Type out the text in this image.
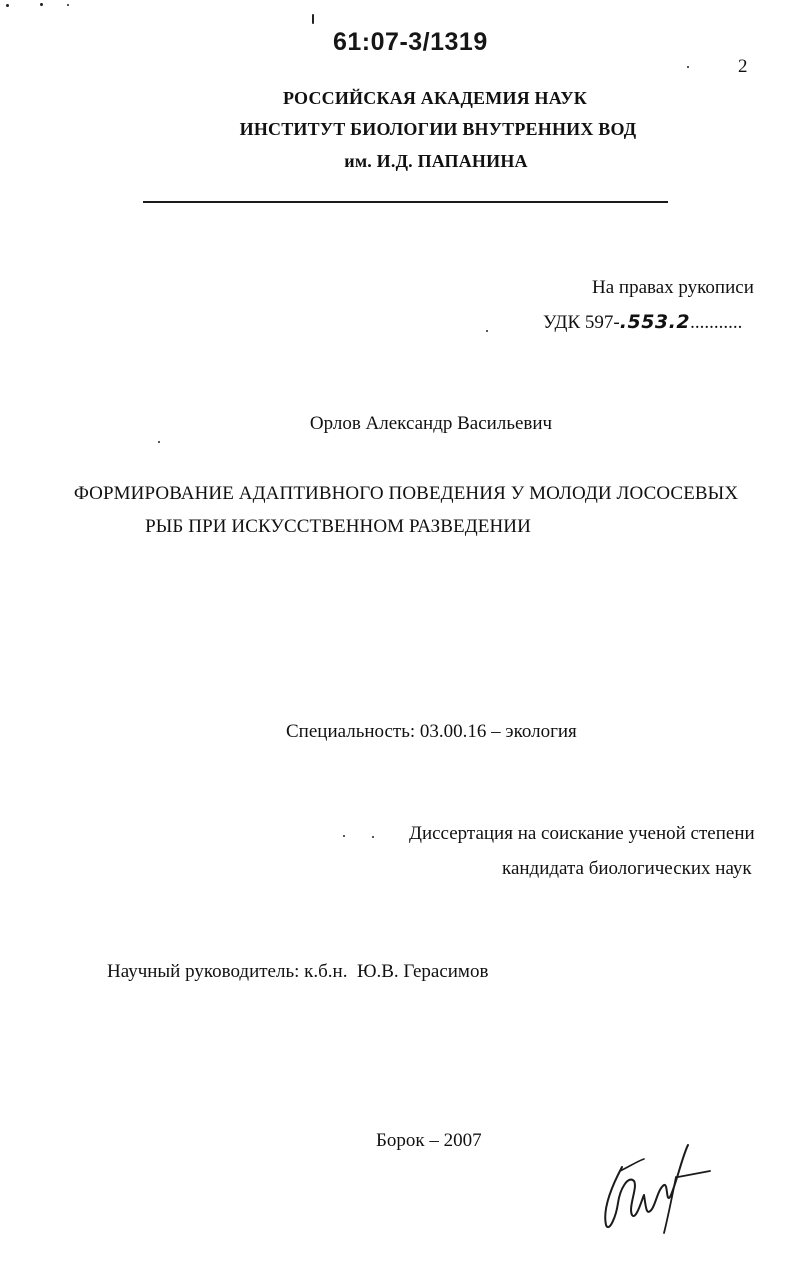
61:07-3/1319
2
РОССИЙСКАЯ АКАДЕМИЯ НАУК
ИНСТИТУТ БИОЛОГИИ ВНУТРЕННИХ ВОД
им. И.Д. ПАПАНИНА
На правах рукописи
УДК 597-.553.2...........
Орлов Александр Васильевич
ФОРМИРОВАНИЕ АДАПТИВНОГО ПОВЕДЕНИЯ У МОЛОДИ ЛОСОСЕВЫХ
РЫБ ПРИ ИСКУССТВЕННОМ РАЗВЕДЕНИИ
Специальность: 03.00.16 – экология
Диссертация на соискание ученой степени
кандидата биологических наук
Научный руководитель: к.б.н.  Ю.В. Герасимов
Борок – 2007
